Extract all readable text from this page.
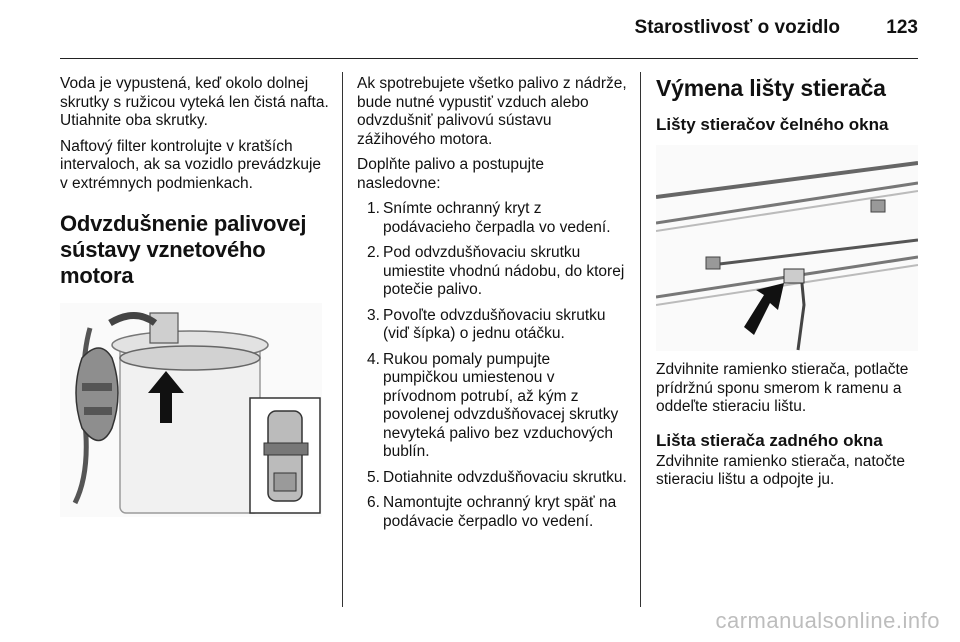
Starostlivosť o vozidlo 123

Voda je vypustená, keď okolo dolnej skrutky s ružicou vyteká len čistá nafta. Utiahnite oba skrutky.

Naftový filter kontrolujte v kratších intervaloch, ak sa vozidlo prevádzkuje v extrémnych podmienkach.

Odvzdušnenie palivovej sústavy vznetového motora

Ak spotrebujete všetko palivo z nádrže, bude nutné vypustiť vzduch alebo odvzdušniť palivovú sústavu zážihového motora.

Doplňte palivo a postupujte nasledovne:

1. Snímte ochranný kryt z podávacieho čerpadla vo vedení.
2. Pod odvzdušňovaciu skrutku umiestite vhodnú nádobu, do ktorej potečie palivo.
3. Povoľte odvzdušňovaciu skrutku (viď šípka) o jednu otáčku.
4. Rukou pomaly pumpujte pumpičkou umiestenou v prívodnom potrubí, až kým z povolenej odvzdušňovacej skrutky nevyteká palivo bez vzduchových bublín.
5. Dotiahnite odvzdušňovaciu skrutku.
6. Namontujte ochranný kryt späť na podávacie čerpadlo vo vedení.
Výmena lišty stierača
Lišty stieračov čelného okna

Zdvihnite ramienko stierača, potlačte prídržnú sponu smerom k ramenu a oddeľte stieraciu lištu.

Lišta stierača zadného okna

Zdvihnite ramienko stierača, natočte stieraciu lištu a odpojte ju.

carmanualsonline.info
